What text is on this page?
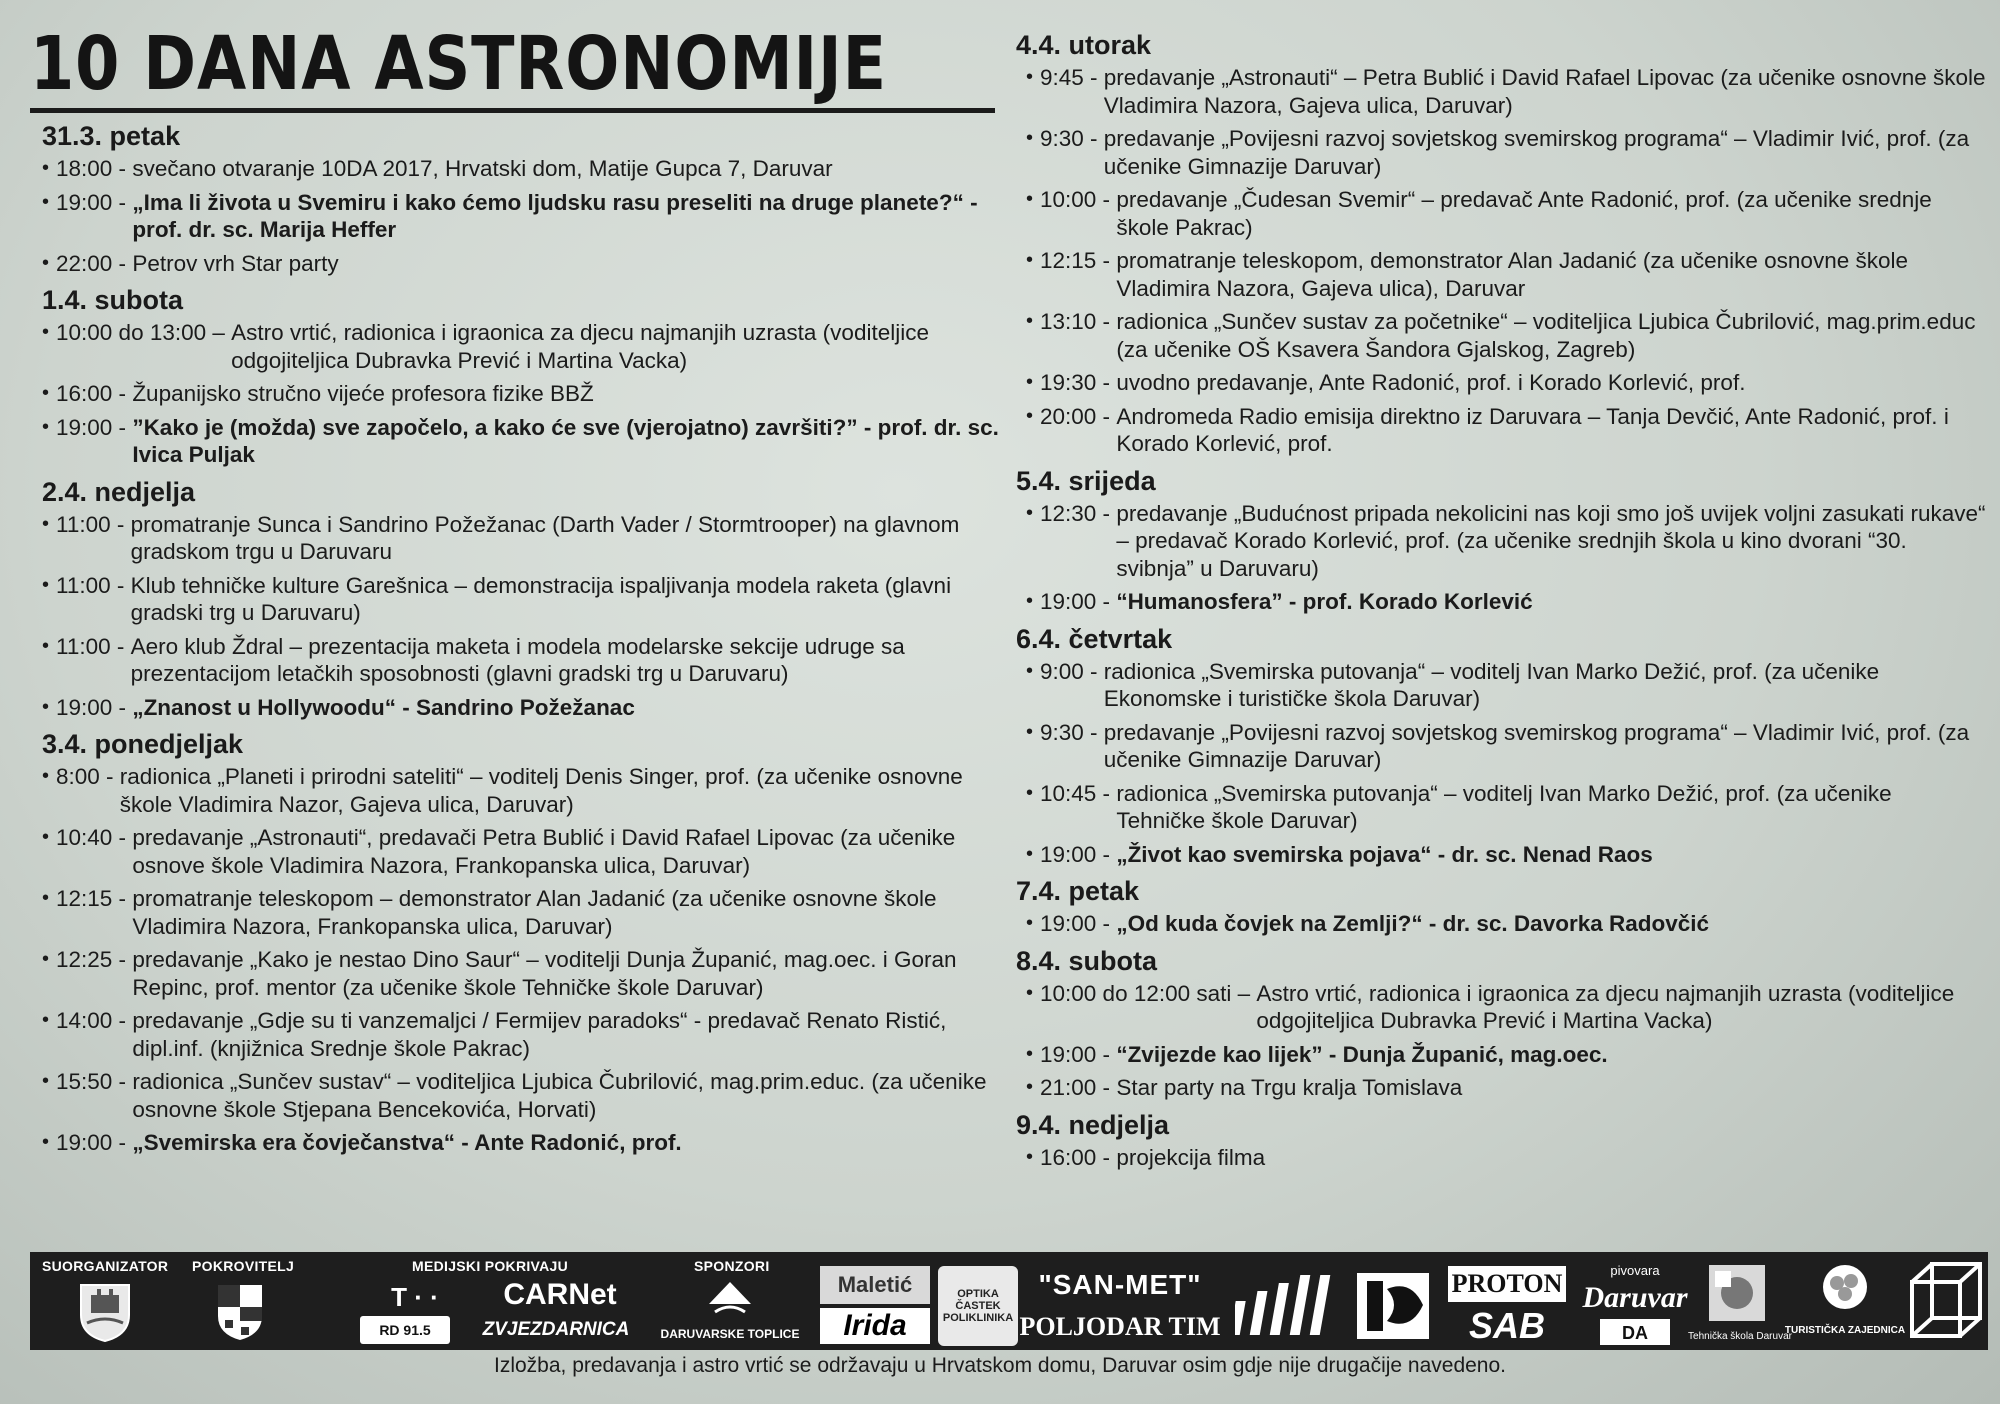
10 DANA ASTRONOMIJE
31.3. petak
• 18:00 - svečano otvaranje 10DA 2017, Hrvatski dom, Matije Gupca 7, Daruvar
• 19:00 - „Ima li života u Svemiru i kako ćemo ljudsku rasu preseliti na druge planete?“ - prof. dr. sc. Marija Heffer
• 22:00 - Petrov vrh Star party
1.4. subota
• 10:00 do 13:00 – Astro vrtić, radionica i igraonica za djecu najmanjih uzrasta (voditeljice odgojiteljica Dubravka Prević i Martina Vacka)
• 16:00 - Županijsko stručno vijeće profesora fizike BBŽ
• 19:00 - ”Kako je (možda) sve započelo, a kako će sve (vjerojatno) završiti?” - prof. dr. sc. Ivica Puljak
2.4. nedjelja
• 11:00 - promatranje Sunca i Sandrino Požežanac (Darth Vader / Stormtrooper) na glavnom gradskom trgu u Daruvaru
• 11:00 - Klub tehničke kulture Garešnica – demonstracija ispaljivanja modela raketa (glavni gradski trg u Daruvaru)
• 11:00 - Aero klub Ždral – prezentacija maketa i modela modelarske sekcije udruge sa prezentacijom letačkih sposobnosti (glavni gradski trg u Daruvaru)
• 19:00 - „Znanost u Hollywoodu“ - Sandrino Požežanac
3.4. ponedjeljak
• 8:00 - radionica „Planeti i prirodni sateliti“ – voditelj Denis Singer, prof. (za učenike osnovne škole Vladimira Nazor, Gajeva ulica, Daruvar)
• 10:40 - predavanje „Astronauti“, predavači Petra Bublić i David Rafael Lipovac (za učenike osnove škole Vladimira Nazora, Frankopanska ulica, Daruvar)
• 12:15 - promatranje teleskopom – demonstrator Alan Jadanić (za učenike osnovne škole Vladimira Nazora, Frankopanska ulica, Daruvar)
• 12:25 - predavanje „Kako je nestao Dino Saur“ – voditelji Dunja Županić, mag.oec. i Goran Repinc, prof. mentor (za učenike škole Tehničke škole Daruvar)
• 14:00 - predavanje „Gdje su ti vanzemaljci / Fermijev paradoks“ - predavač Renato Ristić, dipl.inf. (knjižnica Srednje škole Pakrac)
• 15:50 - radionica „Sunčev sustav“ – voditeljica Ljubica Čubrilović, mag.prim.educ. (za učenike osnovne škole Stjepana Bencekovića, Horvati)
• 19:00 - „Svemirska era čovječanstva“ - Ante Radonić, prof.
4.4. utorak
• 9:45 - predavanje „Astronauti“ – Petra Bublić i David Rafael Lipovac (za učenike osnovne škole Vladimira Nazora, Gajeva ulica, Daruvar)
• 9:30 - predavanje „Povijesni razvoj sovjetskog svemirskog programa“ – Vladimir Ivić, prof. (za učenike Gimnazije Daruvar)
• 10:00 - predavanje „Čudesan Svemir“ – predavač Ante Radonić, prof. (za učenike srednje škole Pakrac)
• 12:15 - promatranje teleskopom, demonstrator Alan Jadanić (za učenike osnovne škole Vladimira Nazora, Gajeva ulica), Daruvar
• 13:10 - radionica „Sunčev sustav za početnike“ – voditeljica Ljubica Čubrilović, mag.prim.educ (za učenike OŠ Ksavera Šandora Gjalskog, Zagreb)
• 19:30 - uvodno predavanje, Ante Radonić, prof. i Korado Korlević, prof.
• 20:00 - Andromeda Radio emisija direktno iz Daruvara – Tanja Devčić, Ante Radonić, prof. i Korado Korlević, prof.
5.4. srijeda
• 12:30 - predavanje „Budućnost pripada nekolicini nas koji smo još uvijek voljni zasukati rukave“ – predavač Korado Korlević, prof. (za učenike srednjih škola u kino dvorani “30. svibnja” u Daruvaru)
• 19:00 - “Humanosfera” - prof. Korado Korlević
6.4. četvrtak
• 9:00 - radionica „Svemirska putovanja“ – voditelj Ivan Marko Dežić, prof. (za učenike Ekonomske i turističke škola Daruvar)
• 9:30 - predavanje „Povijesni razvoj sovjetskog svemirskog programa“ – Vladimir Ivić, prof. (za učenike Gimnazije Daruvar)
• 10:45 - radionica „Svemirska putovanja“ – voditelj Ivan Marko Dežić, prof. (za učenike Tehničke škole Daruvar)
• 19:00 - „Život kao svemirska pojava“ - dr. sc. Nenad Raos
7.4. petak
• 19:00 - „Od kuda čovjek na Zemlji?“ - dr. sc. Davorka Radovčić
8.4. subota
• 10:00 do 12:00 sati – Astro vrtić, radionica i igraonica za djecu najmanjih uzrasta (voditeljice odgojiteljica Dubravka Prević i Martina Vacka)
• 19:00 - “Zvijezde kao lijek” - Dunja Županić, mag.oec.
• 21:00 - Star party na Trgu kralja Tomislava
9.4. nedjelja
• 16:00 - projekcija filma
SUORGANIZATOR POKROVITELJ	MEDIJSKI POKRIVAJU	SPONZORI
T · ·
RD 91.5
CARNet
ZVJEZDARNICA	DARUVARSKE TOPLICE
Maletić
Irida
OPTIKA ČASTEK POLIKLINIKA
"SAN-MET"
POLJODAR TIM
PROTON
SAB
pivovara
Daruvar
DA	Tehnička škola Daruvar
TURISTIČKA ZAJEDNICA
Izložba, predavanja i astro vrtić se održavaju u Hrvatskom domu, Daruvar osim gdje nije drugačije navedeno.
